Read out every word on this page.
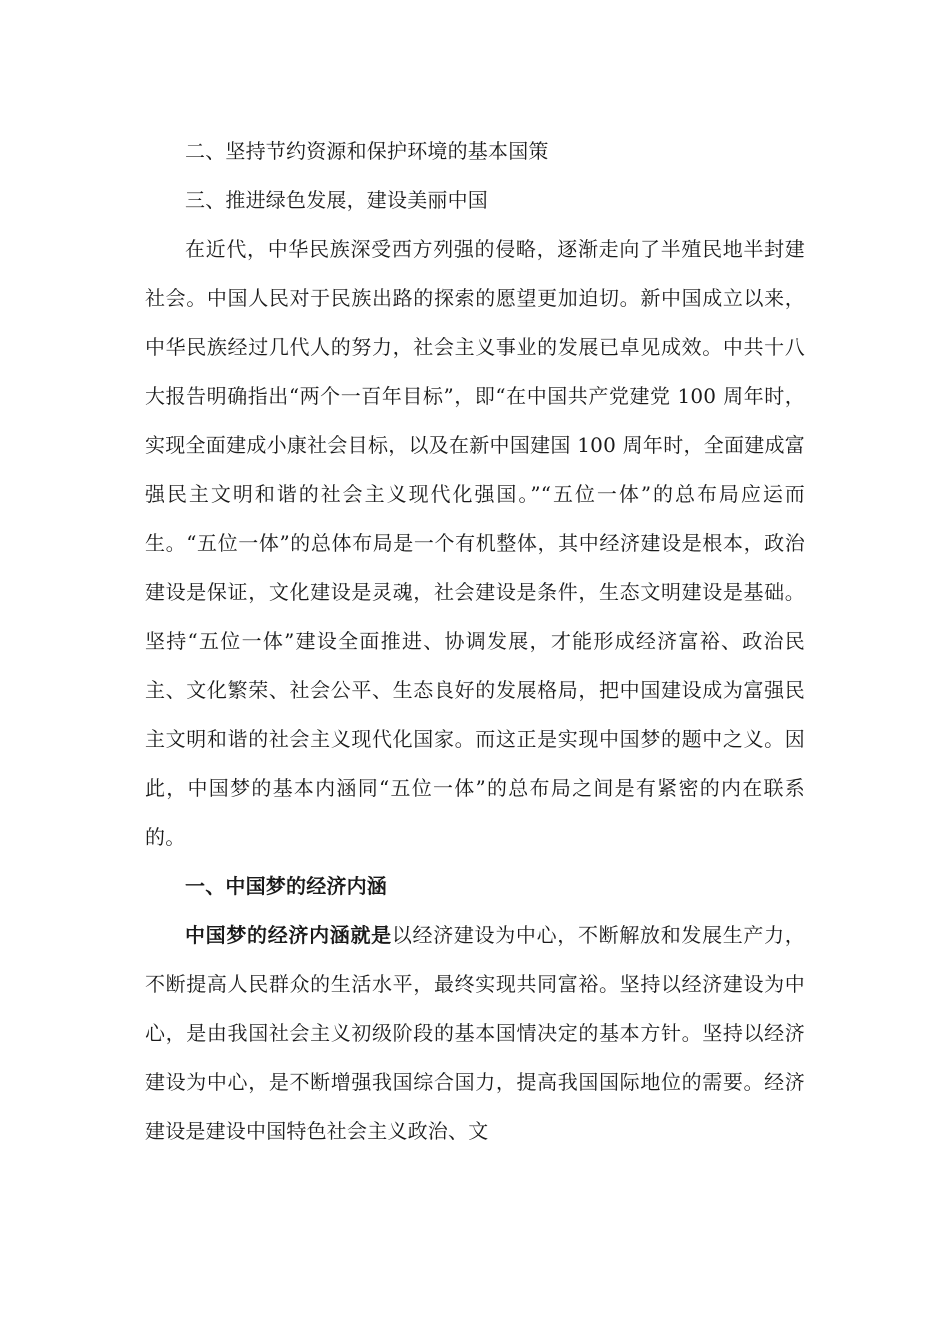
二、坚持节约资源和保护环境的基本国策

三、推进绿色发展，建设美丽中国

在近代，中华民族深受西方列强的侵略，逐渐走向了半殖民地半封建社会。中国人民对于民族出路的探索的愿望更加迫切。新中国成立以来，中华民族经过几代人的努力，社会主义事业的发展已卓见成效。中共十八大报告明确指出“两个一百年目标”，即“在中国共产党建党 100 周年时，实现全面建成小康社会目标，以及在新中国建国 100 周年时，全面建成富强民主文明和谐的社会主义现代化强国。”“五位一体”的总布局应运而生。“五位一体”的总体布局是一个有机整体，其中经济建设是根本，政治建设是保证，文化建设是灵魂，社会建设是条件，生态文明建设是基础。坚持“五位一体”建设全面推进、协调发展，才能形成经济富裕、政治民主、文化繁荣、社会公平、生态良好的发展格局，把中国建设成为富强民主文明和谐的社会主义现代化国家。而这正是实现中国梦的题中之义。因此，中国梦的基本内涵同“五位一体”的总布局之间是有紧密的内在联系的。

一、中国梦的经济内涵

中国梦的经济内涵就是以经济建设为中心，不断解放和发展生产力，不断提高人民群众的生活水平，最终实现共同富裕。坚持以经济建设为中心，是由我国社会主义初级阶段的基本国情决定的基本方针。坚持以经济建设为中心，是不断增强我国综合国力，提高我国国际地位的需要。经济建设是建设中国特色社会主义政治、文
